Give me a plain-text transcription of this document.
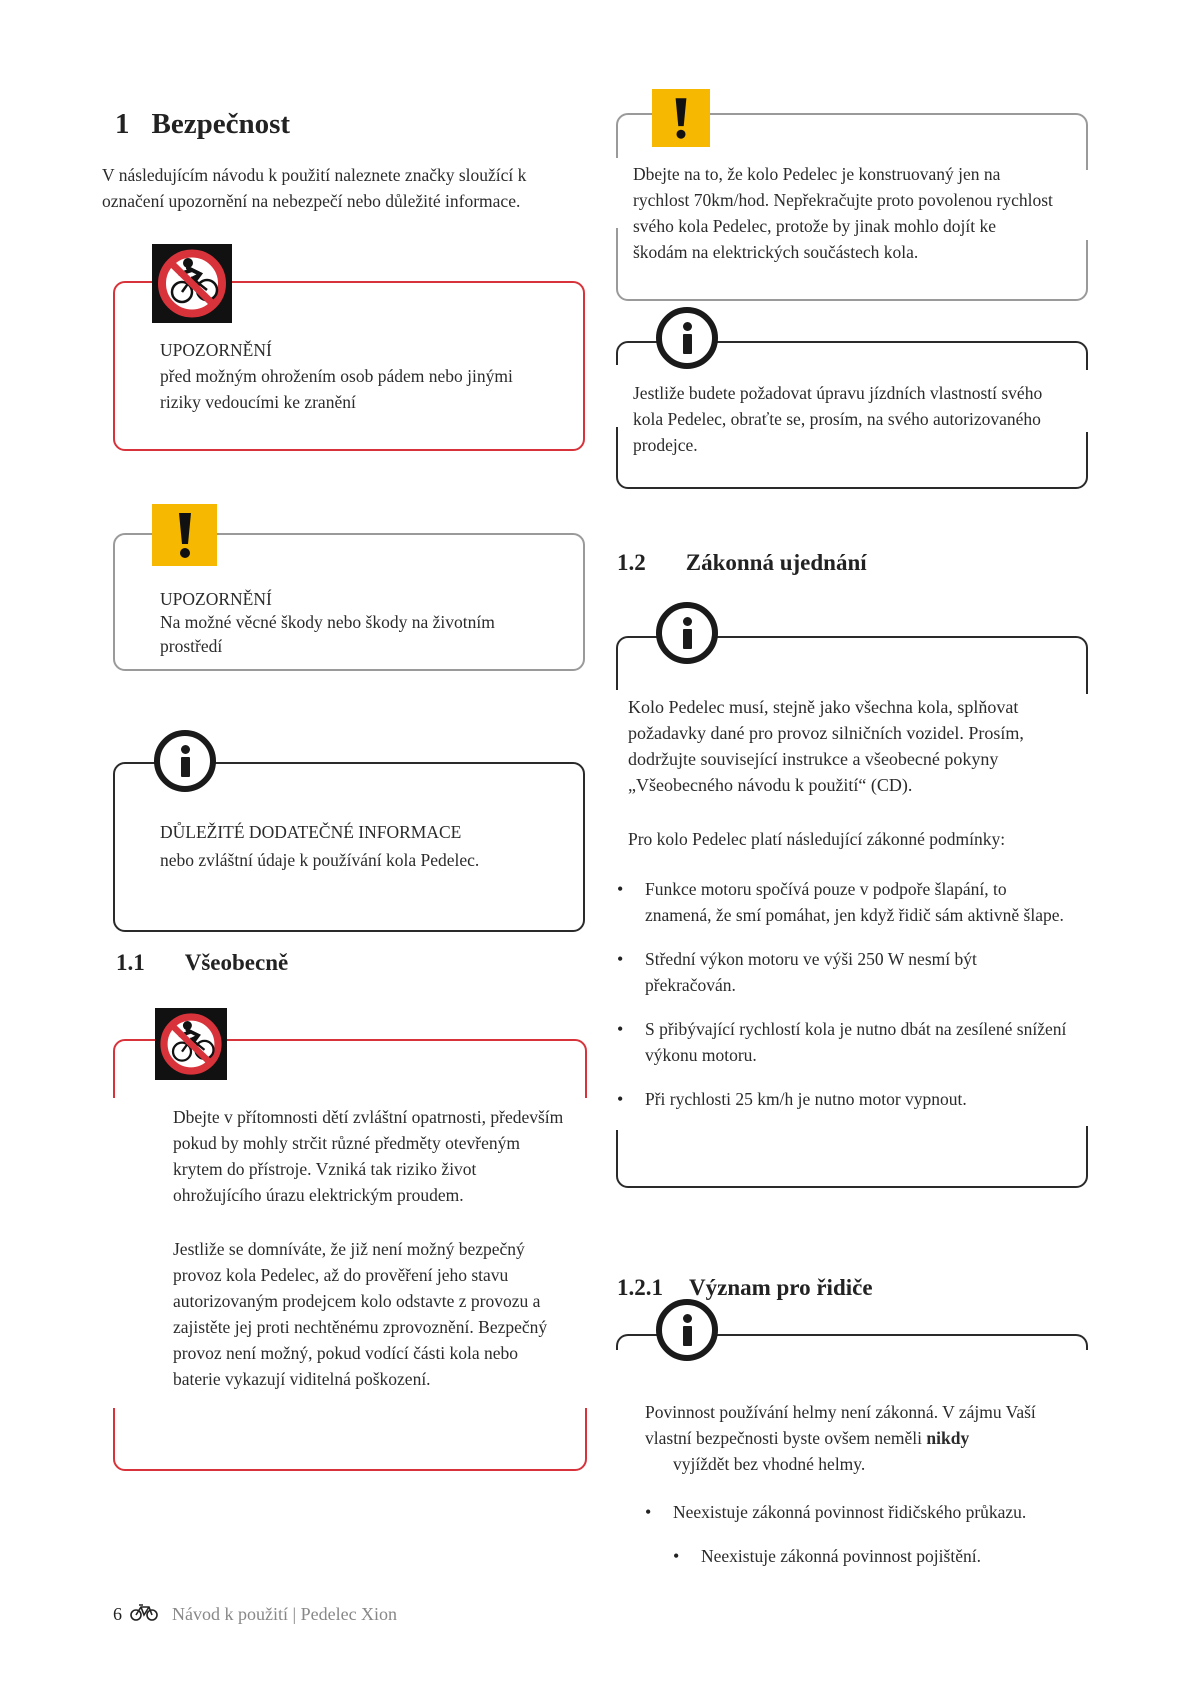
1 Bezpečnost
V následujícím návodu k použití naleznete značky sloužící k označení upozornění na nebezpečí nebo důležité informace.
UPOZORNĚNÍ
před možným ohrožením osob pádem nebo jinými riziky vedoucími ke zranění
UPOZORNĚNÍ
Na možné věcné škody nebo škody na životním prostředí
DŮLEŽITÉ DODATEČNÉ INFORMACE
nebo zvláštní údaje k používání kola Pedelec.
1.1 Všeobecně
Dbejte v přítomnosti dětí zvláštní opatrnosti, především pokud by mohly strčit různé předměty otevřeným krytem do přístroje. Vzniká tak riziko život ohrožujícího úrazu elektrickým proudem.
Jestliže se domníváte, že již není možný bezpečný provoz kola Pedelec, až do prověření jeho stavu autorizovaným prodejcem kolo odstavte z provozu a zajistěte jej proti nechtěnému zprovoznění. Bezpečný provoz není možný, pokud vodící části kola nebo baterie vykazují viditelná poškození.
6	Návod k použití | Pedelec Xion
Dbejte na to, že kolo Pedelec je konstruovaný jen na rychlost 70km/hod. Nepřekračujte proto povolenou rychlost svého kola Pedelec, protože by jinak mohlo dojít ke škodám na elektrických součástech kola.
Jestliže budete požadovat úpravu jízdních vlastností svého kola Pedelec, obraťte se, prosím, na svého autorizovaného prodejce.
1.2 Zákonná ujednání
Kolo Pedelec musí, stejně jako všechna kola, splňovat požadavky dané pro provoz silničních vozidel. Prosím, dodržujte související instrukce a všeobecné pokyny „Všeobecného návodu k použití“ (CD).
Pro kolo Pedelec platí následující zákonné podmínky:
• Funkce motoru spočívá pouze v podpoře šlapání, to znamená, že smí pomáhat, jen když řidič sám aktivně šlape.
• Střední výkon motoru ve výši 250 W nesmí být překračován.
• S přibývající rychlostí kola je nutno dbát na zesílené snížení výkonu motoru.
• Při rychlosti 25 km/h je nutno motor vypnout.
1.2.1 Význam pro řidiče
Povinnost používání helmy není zákonná. V zájmu Vaší vlastní bezpečnosti byste ovšem neměli nikdy
vyjíždět bez vhodné helmy.
• Neexistuje zákonná povinnost řidičského průkazu.
• Neexistuje zákonná povinnost pojištění.
